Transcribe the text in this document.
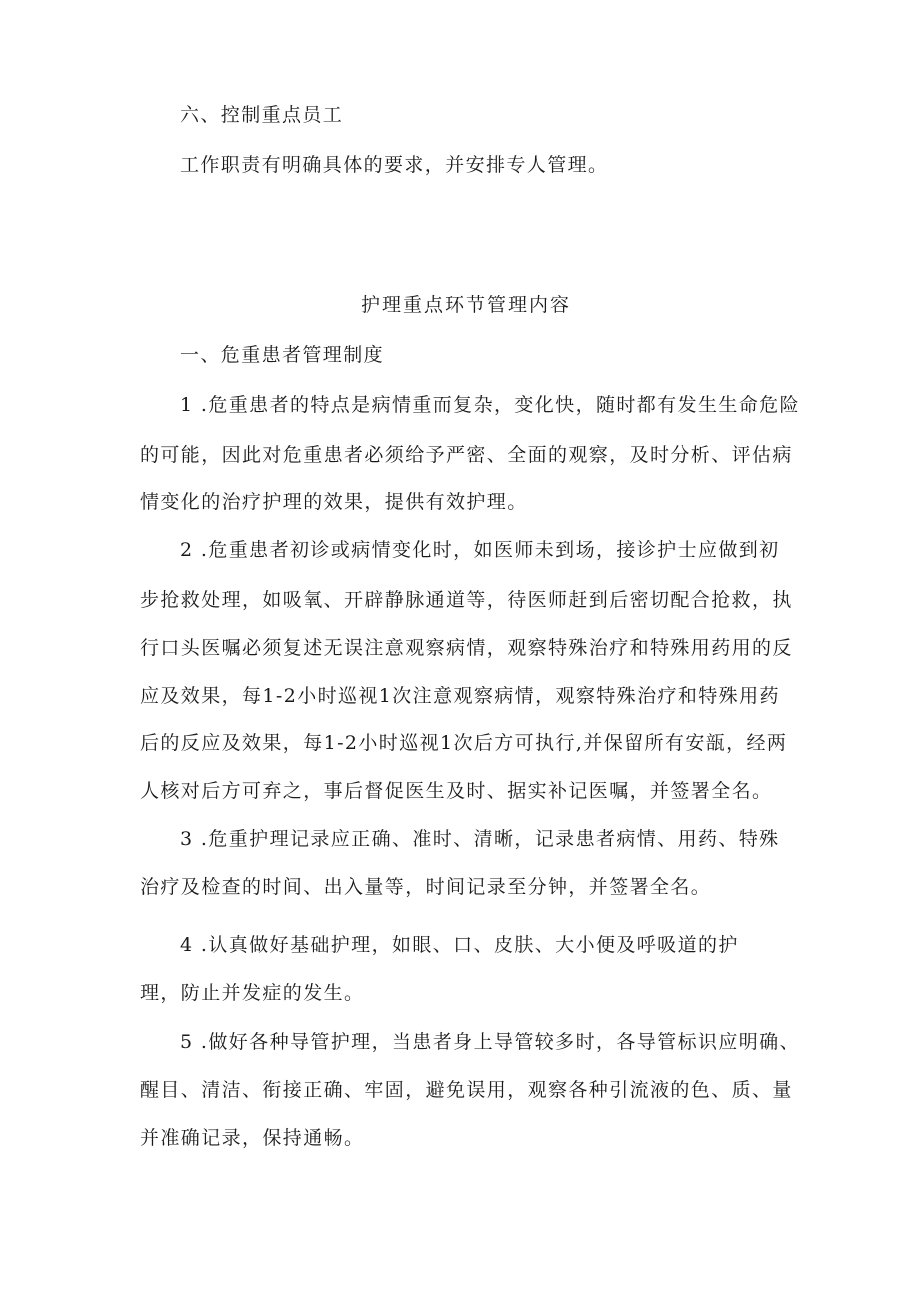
六、控制重点员工
工作职责有明确具体的要求，并安排专人管理。
护理重点环节管理内容
一、危重患者管理制度
1 .危重患者的特点是病情重而复杂，变化快，随时都有发生生命危险
的可能，因此对危重患者必须给予严密、全面的观察，及时分析、评估病
情变化的治疗护理的效果，提供有效护理。
2 .危重患者初诊或病情变化时，如医师未到场，接诊护士应做到初
步抢救处理，如吸氧、开辟静脉通道等，待医师赶到后密切配合抢救，执
行口头医嘱必须复述无误注意观察病情，观察特殊治疗和特殊用药用的反
应及效果，每1-2小时巡视1次注意观察病情，观察特殊治疗和特殊用药
后的反应及效果，每1-2小时巡视1次后方可执行,并保留所有安瓿，经两
人核对后方可弃之，事后督促医生及时、据实补记医嘱，并签署全名。
3 .危重护理记录应正确、准时、清晰，记录患者病情、用药、特殊
治疗及检查的时间、出入量等，时间记录至分钟，并签署全名。
4 .认真做好基础护理，如眼、口、皮肤、大小便及呼吸道的护
理，防止并发症的发生。
5 .做好各种导管护理，当患者身上导管较多时，各导管标识应明确、
醒目、清洁、衔接正确、牢固，避免误用，观察各种引流液的色、质、量
并准确记录，保持通畅。
